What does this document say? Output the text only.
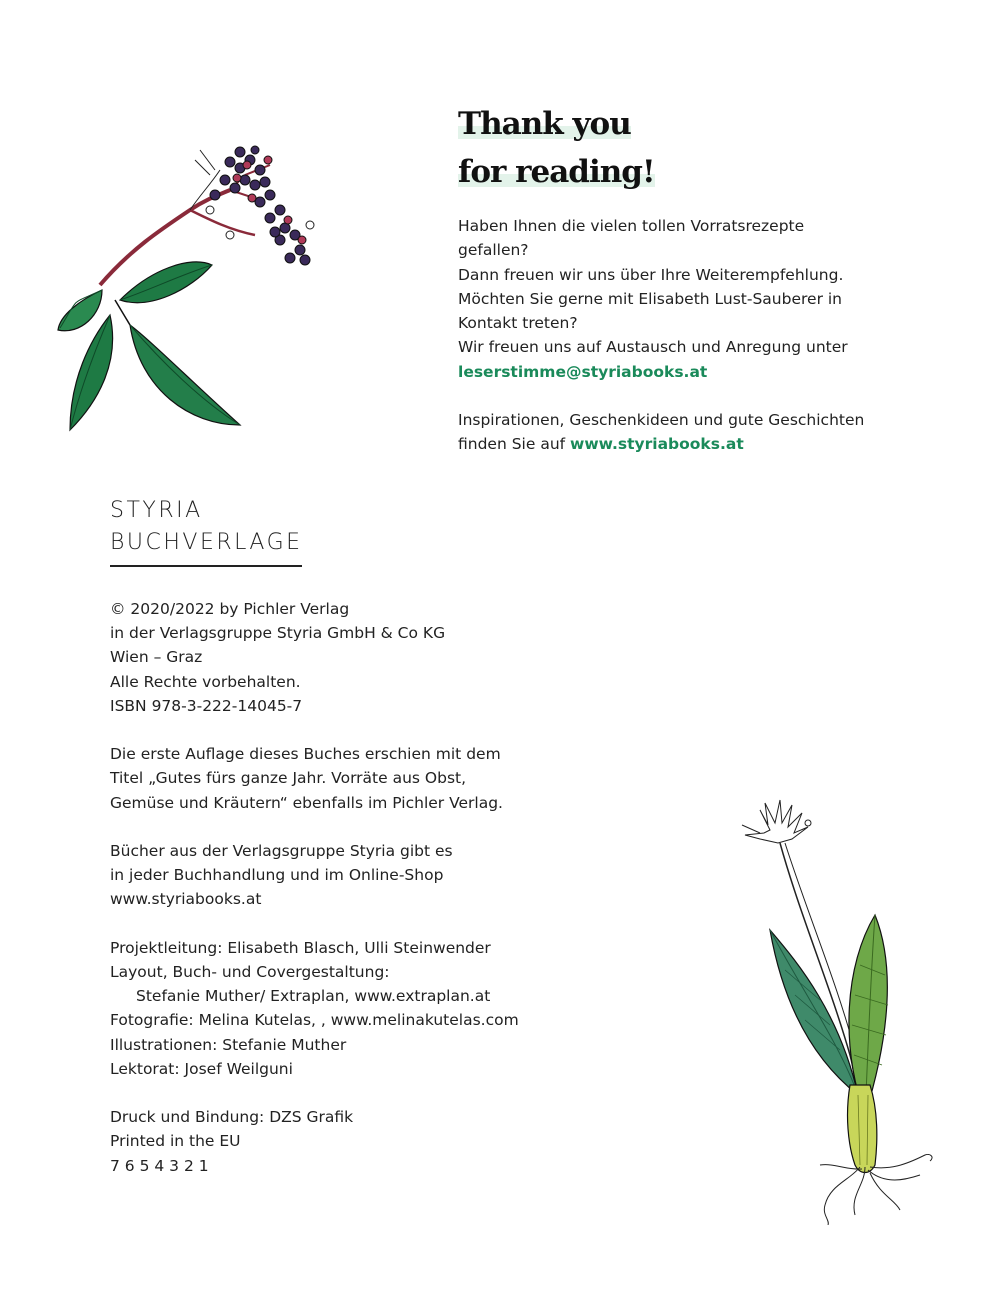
Thank you
for reading!

Haben Ihnen die vielen tollen Vorratsrezepte gefallen?

Dann freuen wir uns über Ihre Weiterempfehlung.

Möchten Sie gerne mit Elisabeth Lust-Sauberer in

Kontakt treten?

Wir freuen uns auf Austausch und Anregung unter

leserstimme@styriabooks.at

Inspirationen, Geschenkideen und gute Geschichten

finden Sie auf www.styriabooks.at

STYRIA
BUCHVERLAGE
© 2020/2022 by Pichler Verlag
in der Verlagsgruppe Styria GmbH & Co KG
Wien – Graz
Alle Rechte vorbehalten.
ISBN 978-3-222-14045-7
Die erste Auflage dieses Buches erschien mit dem
Titel „Gutes fürs ganze Jahr. Vorräte aus Obst,
Gemüse und Kräutern“ ebenfalls im Pichler Verlag.
Bücher aus der Verlagsgruppe Styria gibt es
in jeder Buchhandlung und im Online-Shop
www.styriabooks.at
Projektleitung: Elisabeth Blasch, Ulli Steinwender
Layout, Buch- und Covergestaltung:
Stefanie Muther/ Extraplan, www.extraplan.at
Fotografie: Melina Kutelas, , www.melinakutelas.com
Illustrationen: Stefanie Muther
Lektorat: Josef Weilguni
Druck und Bindung: DZS Grafik
Printed in the EU
7 6 5 4 3 2 1
